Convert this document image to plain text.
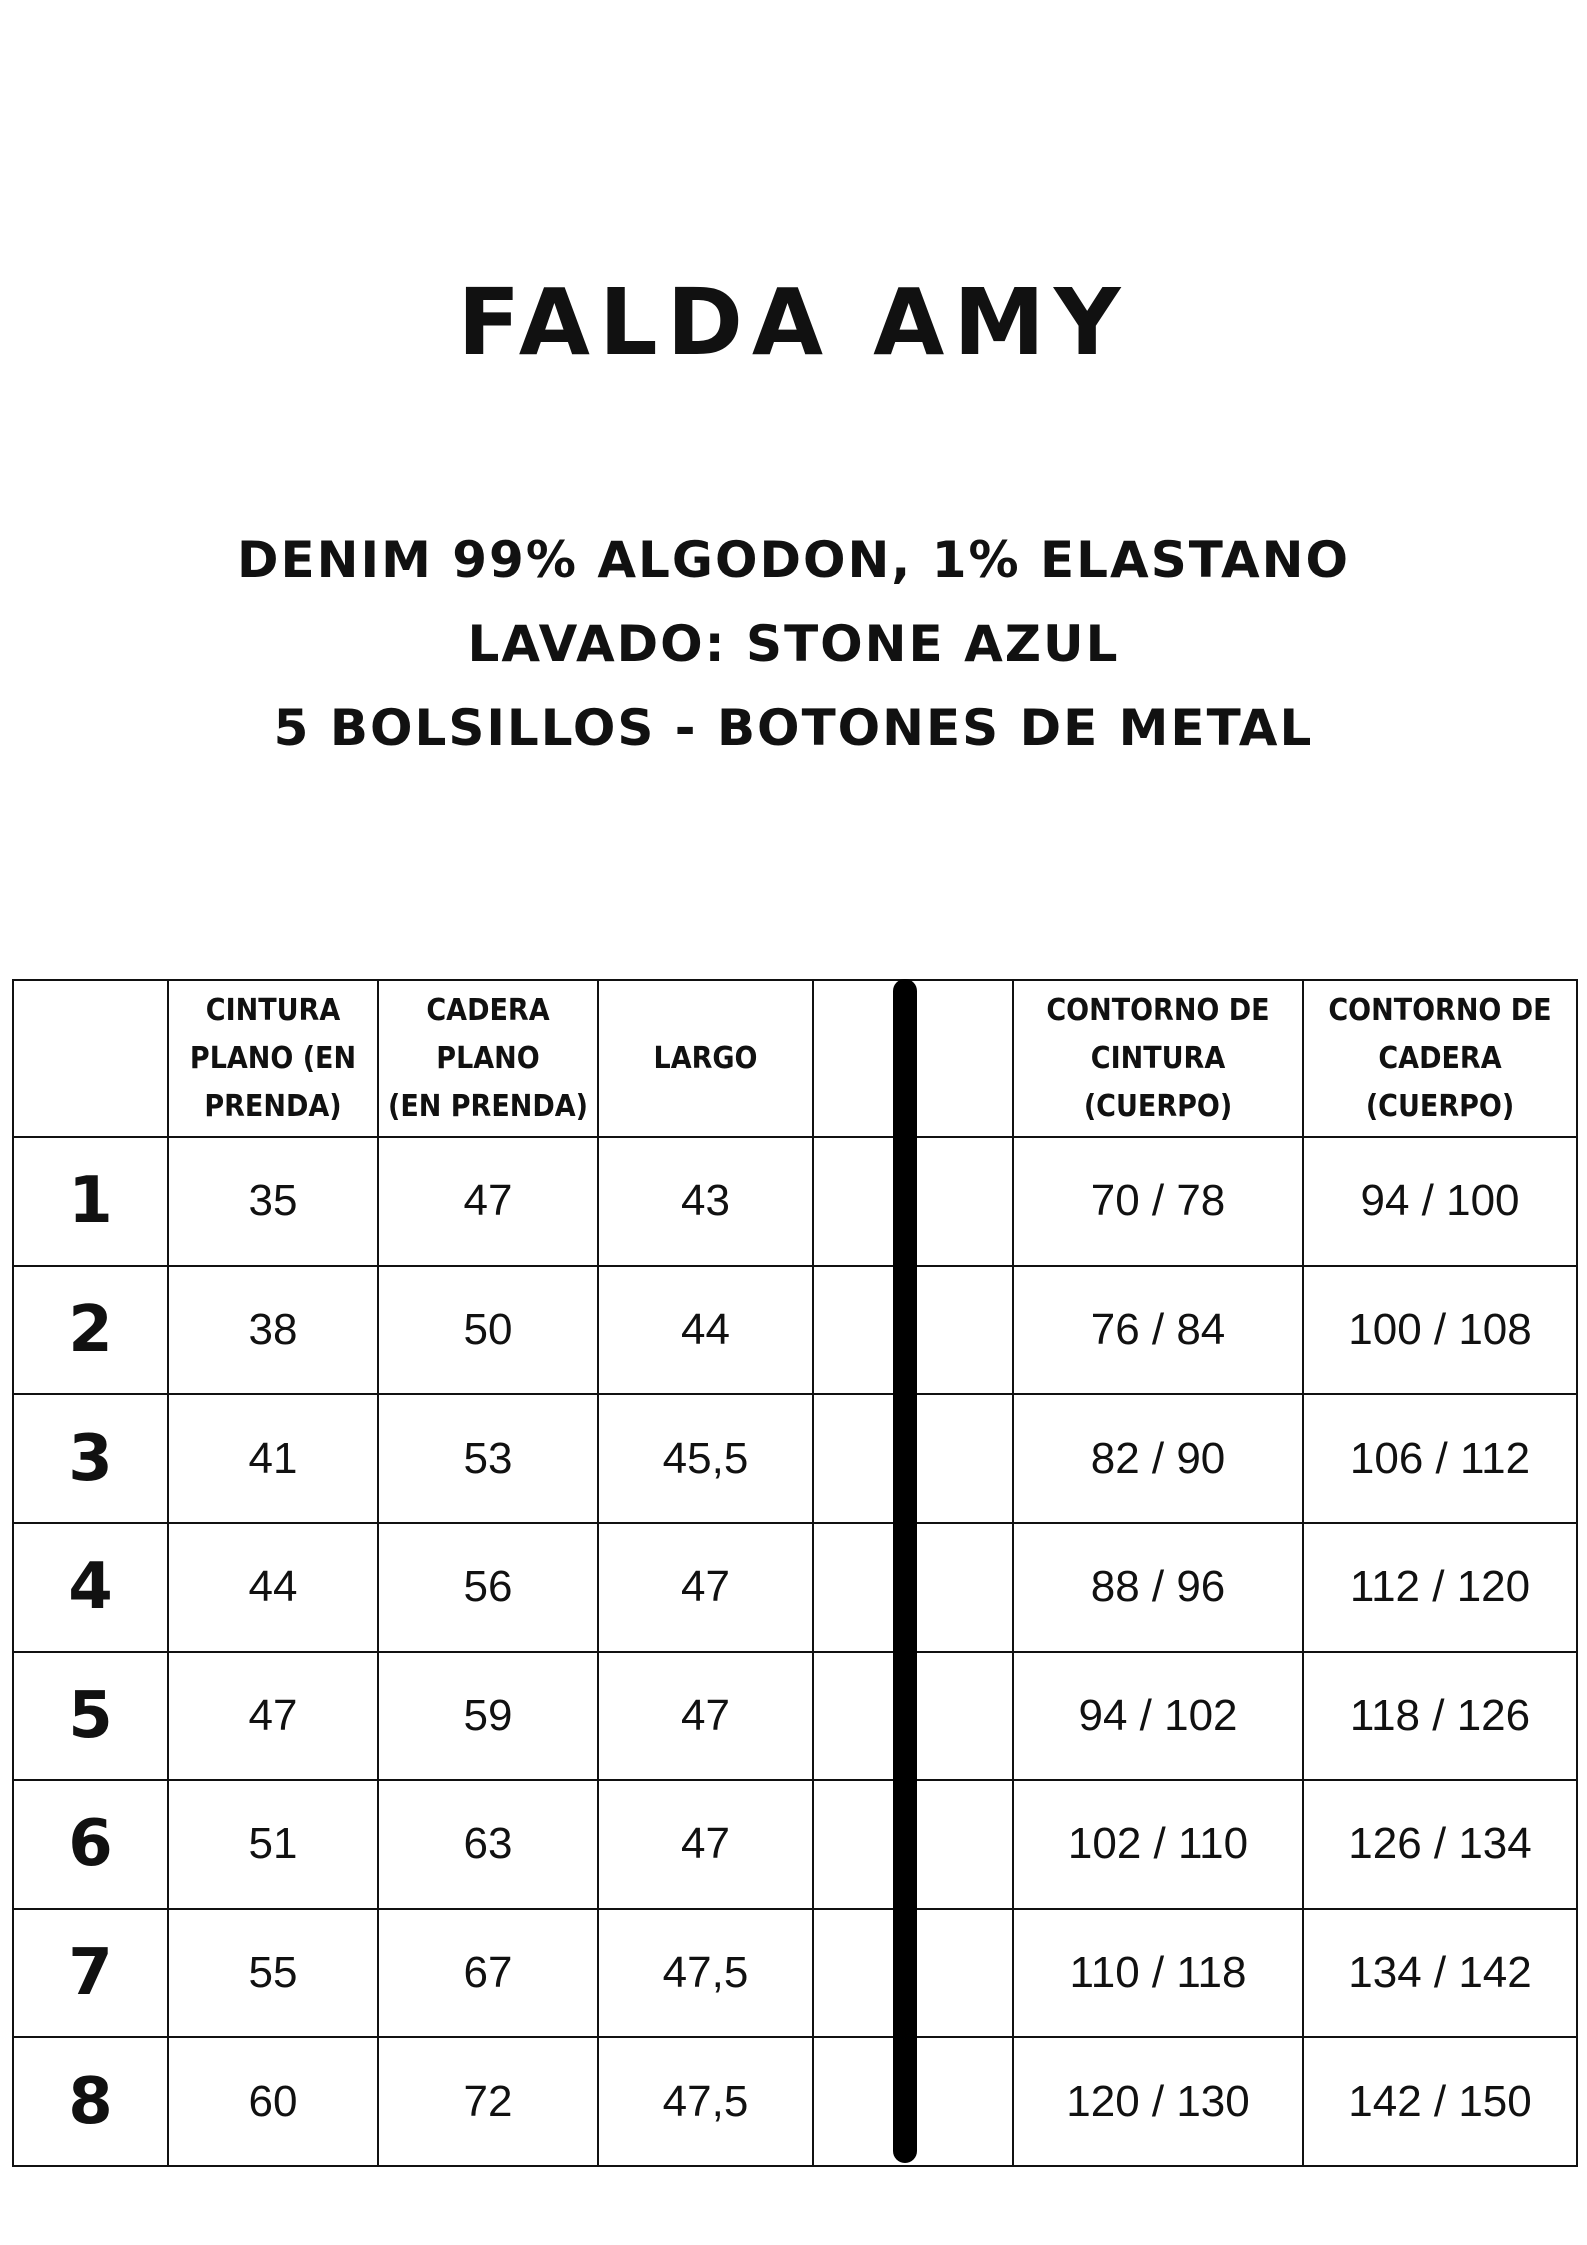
FALDA AMY
DENIM 99% ALGODON, 1% ELASTANO
LAVADO: STONE AZUL
5 BOLSILLOS - BOTONES DE METAL

	CINTURA
PLANO (EN
PRENDA)	CADERA
PLANO
(EN PRENDA)	LARGO		CONTORNO DE
CINTURA
(CUERPO)	CONTORNO DE
CADERA
(CUERPO)

1	35	47	43		70 / 78	94 / 100
2	38	50	44		76 / 84	100 / 108
3	41	53	45,5		82 / 90	106 / 112
4	44	56	47		88 / 96	112 / 120
5	47	59	47		94 / 102	118 / 126
6	51	63	47		102 / 110	126 / 134
7	55	67	47,5		110 / 118	134 / 142
8	60	72	47,5		120 / 130	142 / 150
